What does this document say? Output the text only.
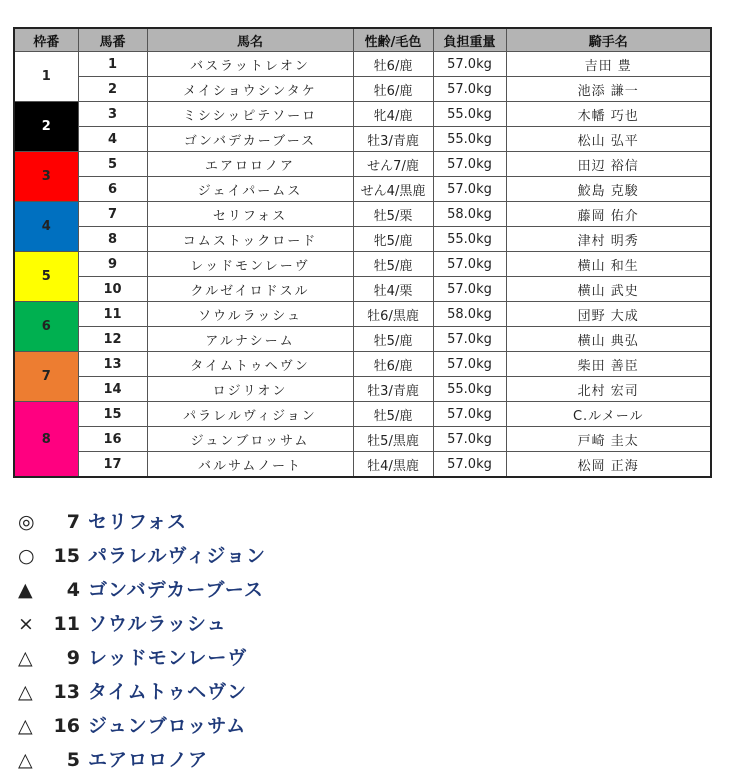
枠番	馬番	馬名	性齢/毛色	負担重量	騎手名
1	1	バスラットレオン	牡6/鹿	57.0kg	吉田 豊
	2	メイショウシンタケ	牡6/鹿	57.0kg	池添 謙一
2	3	ミシシッピテソーロ	牝4/鹿	55.0kg	木幡 巧也
	4	ゴンバデカーブース	牡3/青鹿	55.0kg	松山 弘平
3	5	エアロロノア	せん7/鹿	57.0kg	田辺 裕信
	6	ジェイパームス	せん4/黒鹿	57.0kg	鮫島 克駿
4	7	セリフォス	牡5/栗	58.0kg	藤岡 佑介
	8	コムストックロード	牝5/鹿	55.0kg	津村 明秀
5	9	レッドモンレーヴ	牡5/鹿	57.0kg	横山 和生
	10	クルゼイロドスル	牡4/栗	57.0kg	横山 武史
6	11	ソウルラッシュ	牡6/黒鹿	58.0kg	団野 大成
	12	アルナシーム	牡5/鹿	57.0kg	横山 典弘
7	13	タイムトゥヘヴン	牡6/鹿	57.0kg	柴田 善臣
	14	ロジリオン	牡3/青鹿	55.0kg	北村 宏司
8	15	パラレルヴィジョン	牡5/鹿	57.0kg	C.ルメール
	16	ジュンブロッサム	牡5/黒鹿	57.0kg	戸崎 圭太
	17	バルサムノート	牡4/黒鹿	57.0kg	松岡 正海
◎	7 セリフォス
○ 15 パラレルヴィジョン
▲	4 ゴンバデカーブース
×	11 ソウルラッシュ
△	9 レッドモンレーヴ
△	13 タイムトゥヘヴン
△	16 ジュンブロッサム
△	5 エアロロノア
